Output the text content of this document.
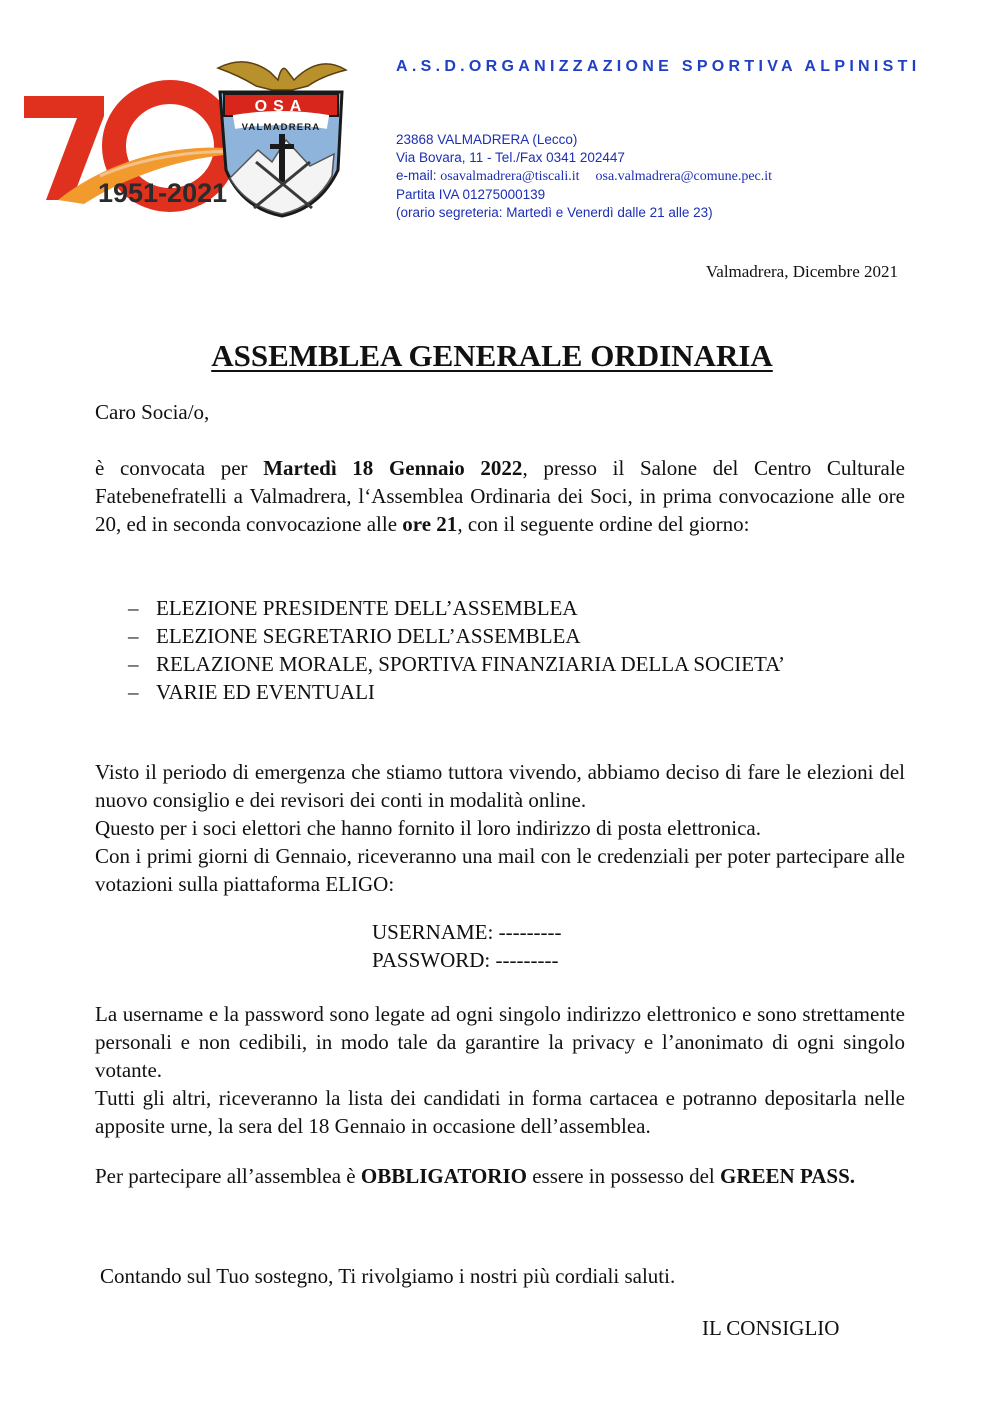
1951-2021
OSA
VALMADRERA
A.S.D.ORGANIZZAZIONE SPORTIVA ALPINISTI
23868 VALMADRERA (Lecco)
Via Bovara, 11 - Tel./Fax 0341 202447
e-mail: osavalmadrera@tiscali.it osa.valmadrera@comune.pec.it
Partita IVA 01275000139
(orario segreteria: Martedì e Venerdì dalle 21 alle 23)
Valmadrera, Dicembre 2021
ASSEMBLEA GENERALE ORDINARIA
Caro Socia/o,
è convocata per Martedì 18 Gennaio 2022, presso il Salone del Centro Culturale Fatebenefratelli a Valmadrera, l‘Assemblea Ordinaria dei Soci, in prima convocazione alle ore 20, ed in seconda convocazione alle ore 21, con il seguente ordine del giorno:
– ELEZIONE PRESIDENTE DELL’ASSEMBLEA
– ELEZIONE SEGRETARIO DELL’ASSEMBLEA
– RELAZIONE MORALE, SPORTIVA FINANZIARIA DELLA SOCIETA’
– VARIE ED EVENTUALI
Visto il periodo di emergenza che stiamo tuttora vivendo, abbiamo deciso di fare le elezioni del nuovo consiglio e dei revisori dei conti in modalità online.
Questo per i soci elettori che hanno fornito il loro indirizzo di posta elettronica.
Con i primi giorni di Gennaio, riceveranno una mail con le credenziali per poter partecipare alle votazioni sulla piattaforma ELIGO:
USERNAME: ---------
PASSWORD: ---------
La username e la password sono legate ad ogni singolo indirizzo elettronico e sono strettamente personali e non cedibili, in modo tale da garantire la privacy e l’anonimato di ogni singolo votante.
Tutti gli altri, riceveranno la lista dei candidati in forma cartacea e potranno depositarla nelle apposite urne, la sera del 18 Gennaio in occasione dell’assemblea.
Per partecipare all’assemblea è OBBLIGATORIO essere in possesso del GREEN PASS.
Contando sul Tuo sostegno, Ti rivolgiamo i nostri più cordiali saluti.
IL CONSIGLIO
